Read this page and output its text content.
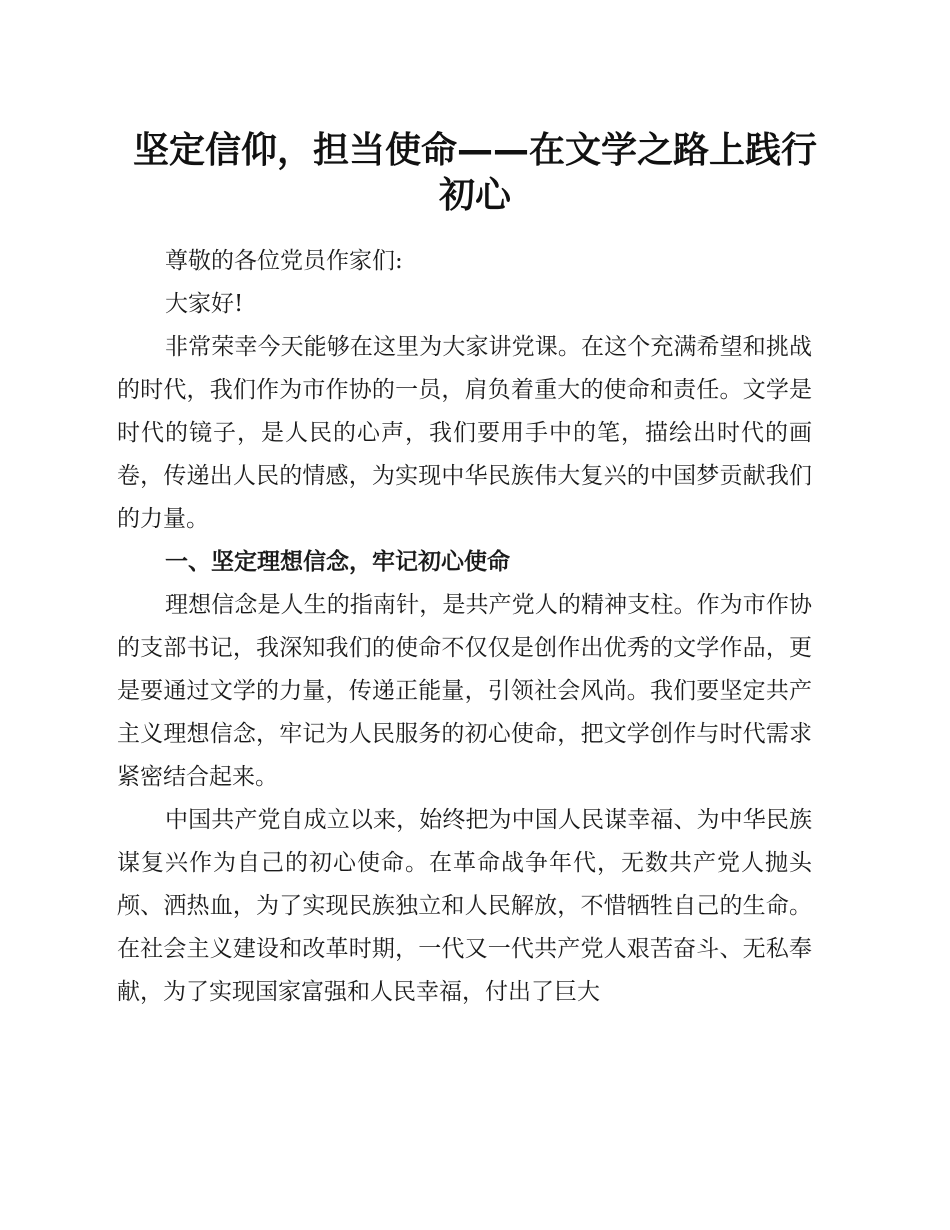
坚定信仰，担当使命——在文学之路上践行初心

尊敬的各位党员作家们:

大家好!

非常荣幸今天能够在这里为大家讲党课。在这个充满希望和挑战的时代，我们作为市作协的一员，肩负着重大的使命和责任。文学是时代的镜子，是人民的心声，我们要用手中的笔，描绘出时代的画卷，传递出人民的情感，为实现中华民族伟大复兴的中国梦贡献我们的力量。

一、坚定理想信念，牢记初心使命

理想信念是人生的指南针，是共产党人的精神支柱。作为市作协的支部书记，我深知我们的使命不仅仅是创作出优秀的文学作品，更是要通过文学的力量，传递正能量，引领社会风尚。我们要坚定共产主义理想信念，牢记为人民服务的初心使命，把文学创作与时代需求紧密结合起来。

中国共产党自成立以来，始终把为中国人民谋幸福、为中华民族谋复兴作为自己的初心使命。在革命战争年代，无数共产党人抛头颅、洒热血，为了实现民族独立和人民解放，不惜牺牲自己的生命。在社会主义建设和改革时期，一代又一代共产党人艰苦奋斗、无私奉献，为了实现国家富强和人民幸福，付出了巨大
